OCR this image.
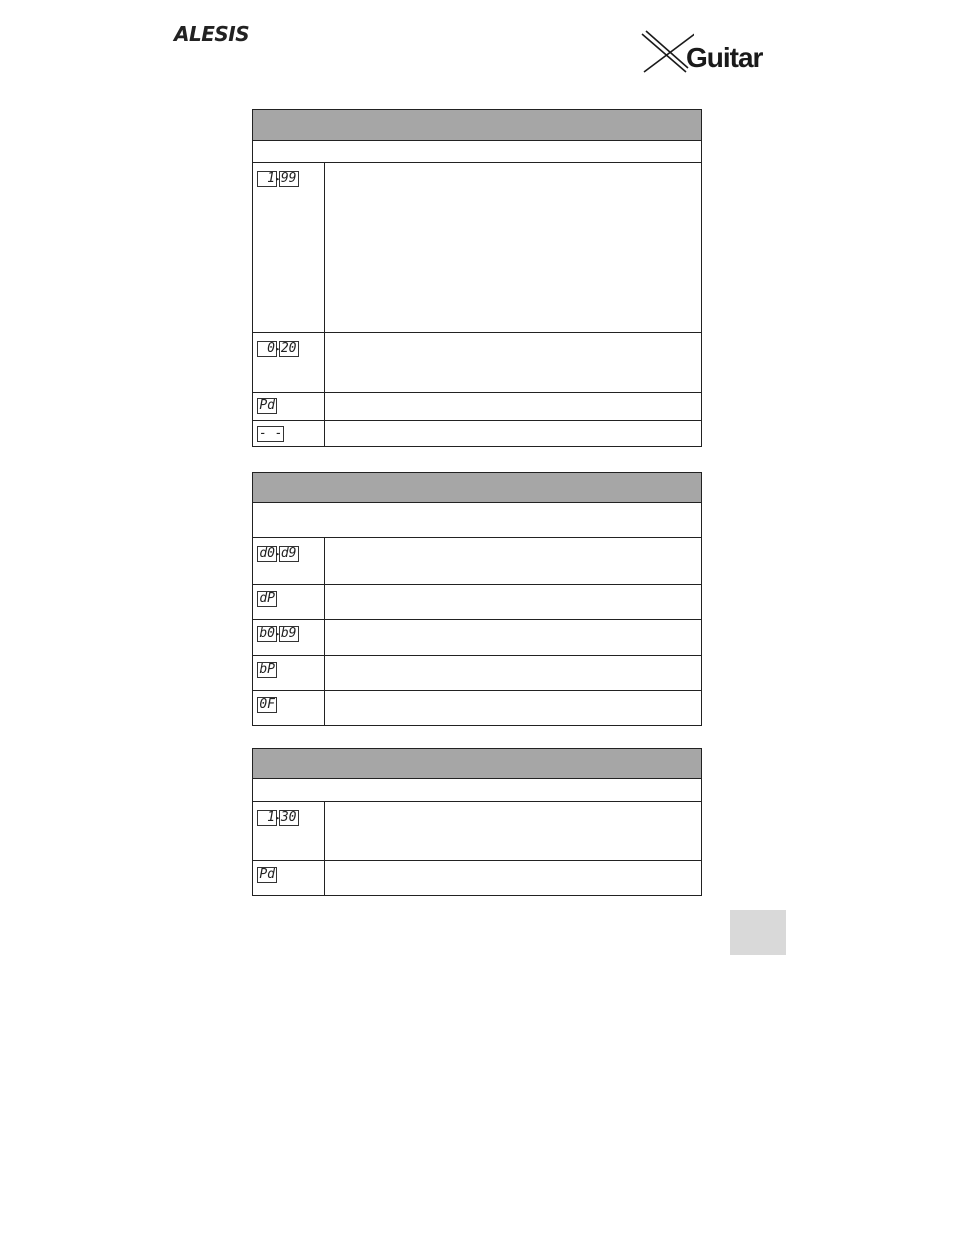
ALESIS
Guitar
1▸99
0▸20
Pd
- -
d0▸d9
dP
b0▸b9
bP
0F
1▸30
Pd
